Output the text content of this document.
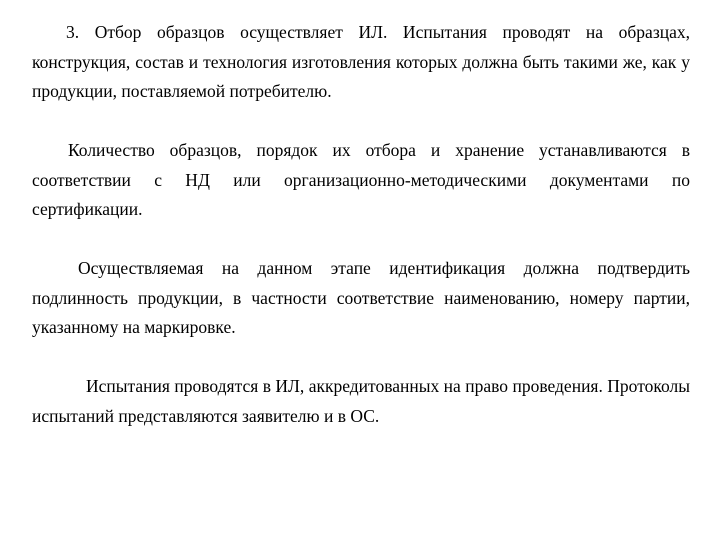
3. Отбор образцов осуществляет ИЛ. Испытания проводят на образцах, конструкция, состав и технология изготовления которых должна быть такими же, как у продукции, поставляемой потребителю.

Количество образцов, порядок их отбора и хранение устанавливаются в соответствии с НД или организационно-методическими документами по сертификации.

Осуществляемая на данном этапе идентификация должна подтвердить подлинность продукции, в частности соответствие наименованию, номеру партии, указанному на маркировке.

Испытания проводятся в ИЛ, аккредитованных на право проведения. Протоколы испытаний представляются заявителю и в ОС.
